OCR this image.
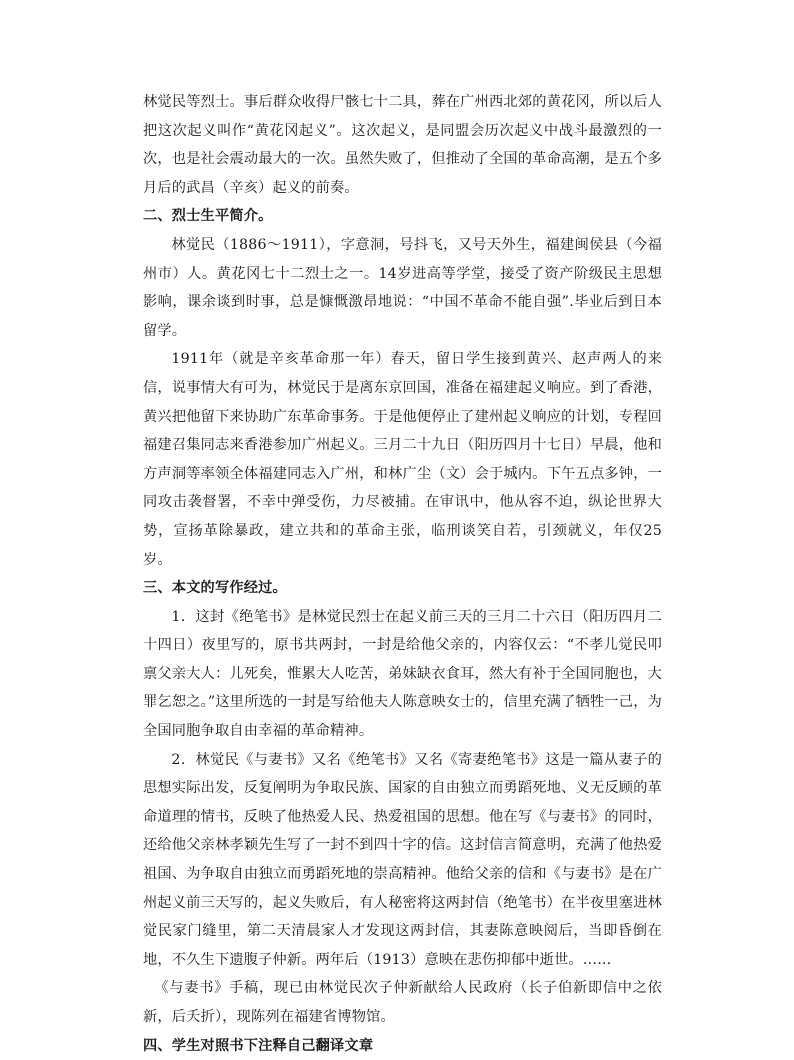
林觉民等烈士。事后群众收得尸骸七十二具，葬在广州西北郊的黄花冈，所以后人把这次起义叫作“黄花冈起义”。这次起义，是同盟会历次起义中战斗最激烈的一次，也是社会震动最大的一次。虽然失败了，但推动了全国的革命高潮，是五个多月后的武昌（辛亥）起义的前奏。

二、烈士生平简介。

林觉民（1886～1911），字意洞，号抖飞，又号天外生，福建闽侯县（今福州市）人。黄花冈七十二烈士之一。14岁进高等学堂，接受了资产阶级民主思想影响，课余谈到时事，总是慷慨激昂地说：“中国不革命不能自强”.毕业后到日本留学。

1911年（就是辛亥革命那一年）春天，留日学生接到黄兴、赵声两人的来信，说事情大有可为，林觉民于是离东京回国，准备在福建起义响应。到了香港，黄兴把他留下来协助广东革命事务。于是他便停止了建州起义响应的计划，专程回福建召集同志来香港参加广州起义。三月二十九日（阳历四月十七日）早晨，他和方声洞等率领全体福建同志入广州，和林广尘（文）会于城内。下午五点多钟，一同攻击袭督署，不幸中弹受伤，力尽被捕。在审讯中，他从容不迫，纵论世界大势，宣扬革除暴政，建立共和的革命主张，临刑谈笑自若，引颈就义，年仅25岁。

三、本文的写作经过。

1．这封《绝笔书》是林觉民烈士在起义前三天的三月二十六日（阳历四月二十四日）夜里写的，原书共两封，一封是给他父亲的，内容仅云：“不孝儿觉民叩禀父亲大人：儿死矣，惟累大人吃苦，弟妹缺衣食耳，然大有补于全国同胞也，大罪乞恕之。”这里所选的一封是写给他夫人陈意映女士的，信里充满了牺牲一己，为全国同胞争取自由幸福的革命精神。

2．林觉民《与妻书》又名《绝笔书》又名《寄妻绝笔书》这是一篇从妻子的思想实际出发，反复阐明为争取民族、国家的自由独立而勇蹈死地、义无反顾的革命道理的情书，反映了他热爱人民、热爱祖国的思想。他在写《与妻书》的同时，还给他父亲林孝颖先生写了一封不到四十字的信。这封信言简意明，充满了他热爱祖国、为争取自由独立而勇蹈死地的崇高精神。他给父亲的信和《与妻书》是在广州起义前三天写的，起义失败后，有人秘密将这两封信（绝笔书）在半夜里塞进林觉民家门缝里，第二天清晨家人才发现这两封信，其妻陈意映阅后，当即昏倒在地，不久生下遗腹子仲新。两年后（1913）意映在悲伤抑郁中逝世。……

《与妻书》手稿，现已由林觉民次子仲新献给人民政府（长子伯新即信中之依新，后夭折），现陈列在福建省博物馆。

四、学生对照书下注释自己翻译文章
